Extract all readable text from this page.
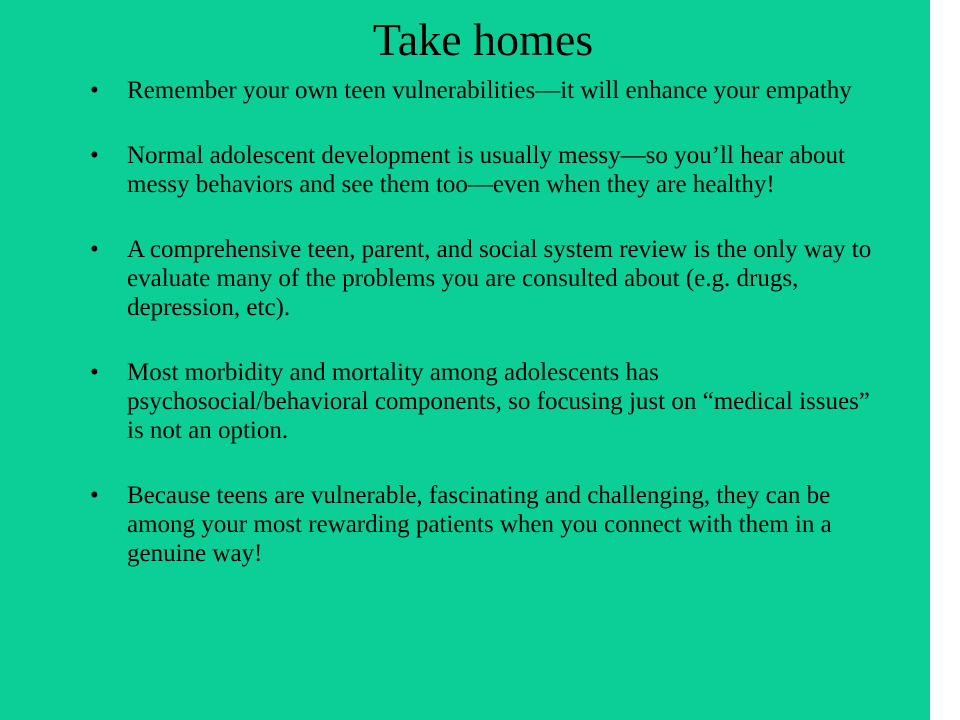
Take homes
• Remember your own teen vulnerabilities—it will enhance your empathy
• Normal adolescent development is usually messy—so you’ll hear about messy behaviors and see them too—even when they are healthy!
• A comprehensive teen, parent, and social system review is the only way to evaluate many of the problems you are consulted about (e.g. drugs, depression, etc).
• Most morbidity and mortality among adolescents has psychosocial/behavioral components, so focusing just on “medical issues” is not an option.
• Because teens are vulnerable, fascinating and challenging, they can be among your most rewarding patients when you connect with them in a genuine way!
